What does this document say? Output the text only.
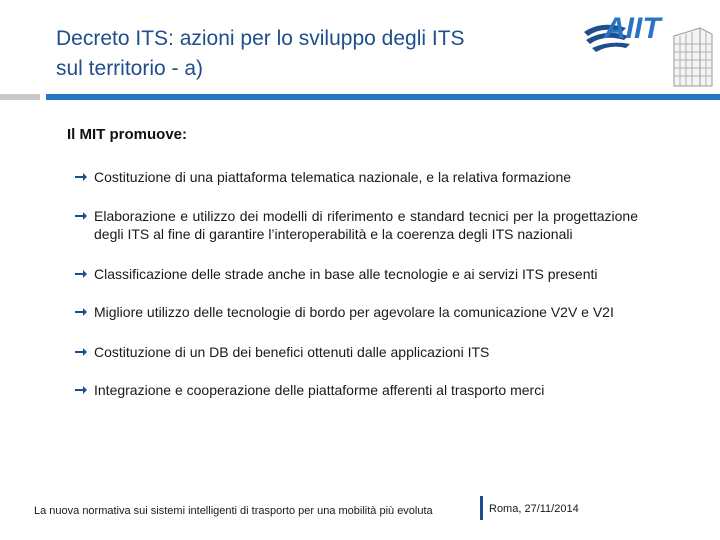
Decreto ITS: azioni per lo sviluppo degli ITS
sul territorio - a)
AIIT
Il MIT promuove:
Costituzione di una piattaforma telematica nazionale, e la relativa formazione
Elaborazione e utilizzo dei modelli di riferimento e standard tecnici per la progettazione degli ITS al fine di garantire l’interoperabilità e la coerenza degli ITS nazionali
Classificazione delle strade anche in base alle tecnologie e ai servizi ITS presenti
Migliore utilizzo delle tecnologie di bordo per agevolare la comunicazione V2V e V2I
Costituzione di un DB dei benefici ottenuti dalle applicazioni ITS
Integrazione e cooperazione delle piattaforme afferenti al trasporto merci
La nuova normativa sui sistemi intelligenti di trasporto per una mobilità più evoluta	Roma, 27/11/2014
